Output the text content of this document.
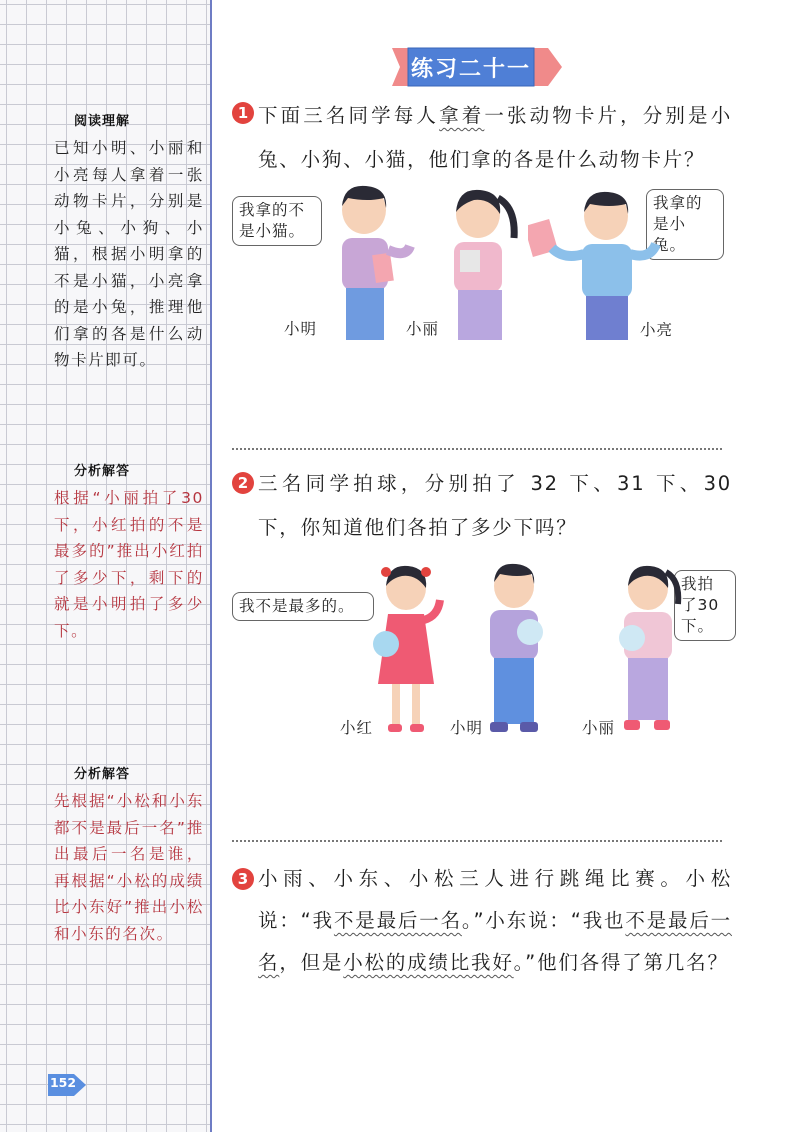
阅读理解
已知小明、小丽和小亮每人拿着一张动物卡片，分别是小兔、小狗、小猫，根据小明拿的不是小猫，小亮拿的是小兔，推理他们拿的各是什么动物卡片即可。
分析解答
根据“小丽拍了30下，小红拍的不是最多的”推出小红拍了多少下，剩下的就是小明拍了多少下。
分析解答
先根据“小松和小东都不是最后一名”推出最后一名是谁，再根据“小松的成绩比小东好”推出小松和小东的名次。
152
练习二十一
1 下面三名同学每人拿着一张动物卡片，分别是小兔、小狗、小猫，他们拿的各是什么动物卡片？
我拿的不是小猫。
我拿的是小兔。
小明	小丽	小亮
2 三名同学拍球，分别拍了 32 下、31 下、30 下，你知道他们各拍了多少下吗？
我不是最多的。
我拍了30下。
小红	小明	小丽
3 小雨、小东、小松三人进行跳绳比赛。小松说：“我不是最后一名。”小东说：“我也不是最后一名，但是小松的成绩比我好。”他们各得了第几名？
